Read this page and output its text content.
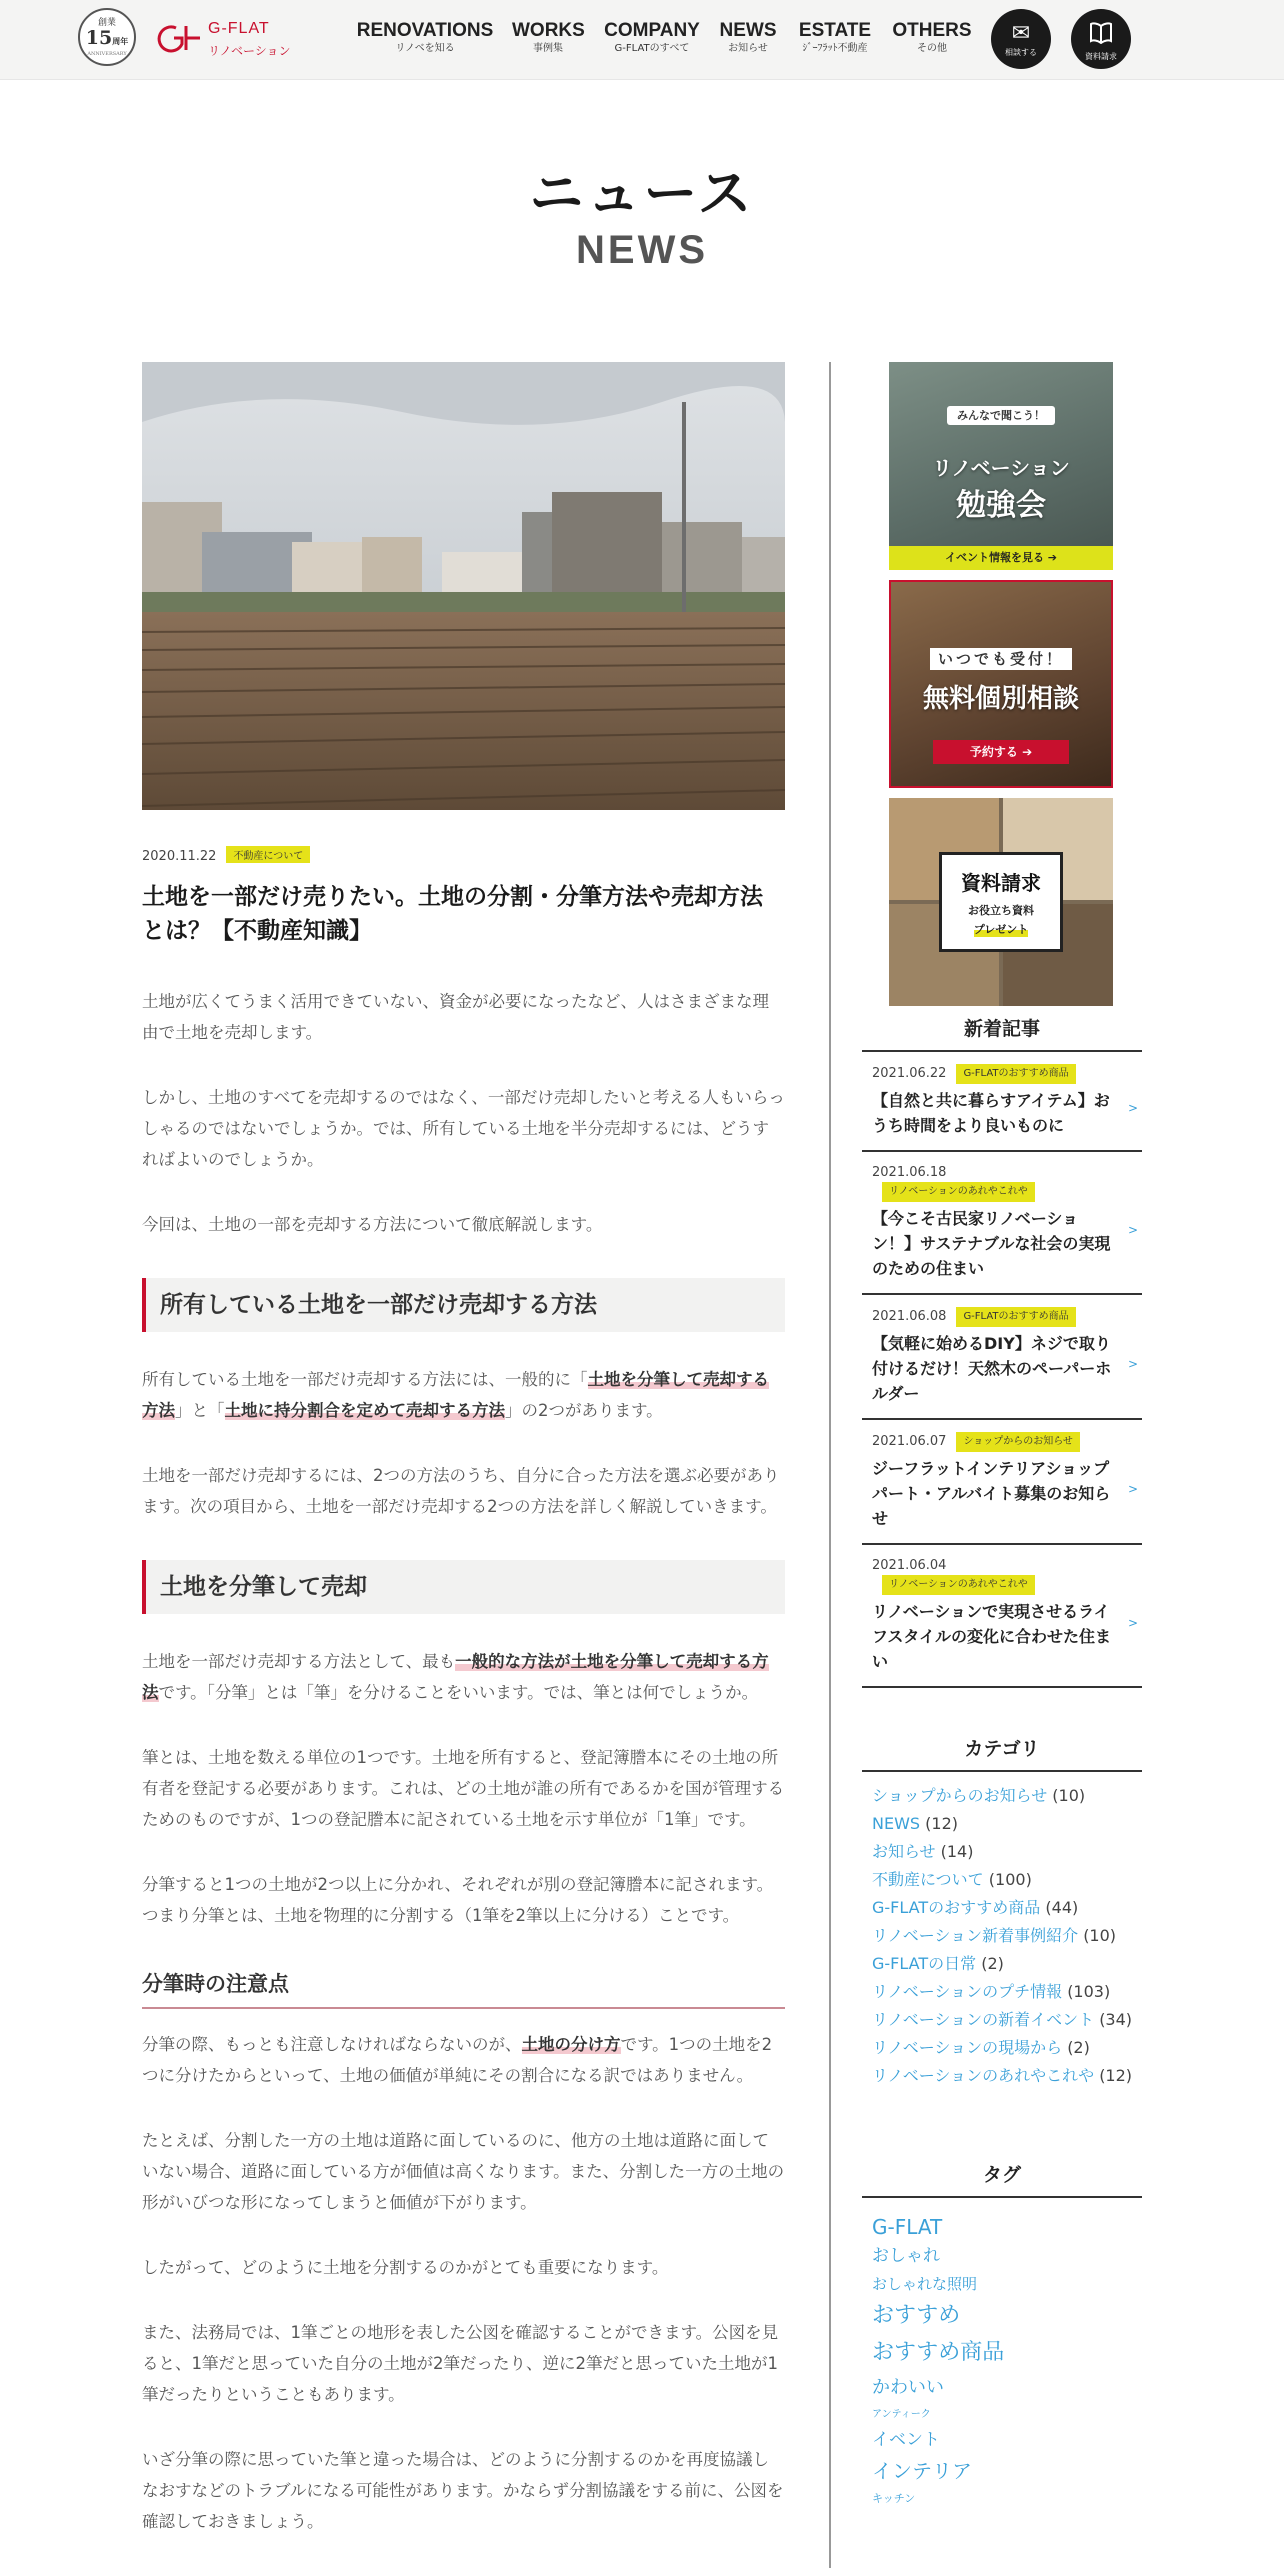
創業
15周年
ANNIVERSARY
G-FLAT
リノベーション
RENOVATIONS
リノベを知る
WORKS
事例集
COMPANY
G-FLATのすべて
NEWS
お知らせ
ESTATE
ｼﾞｰﾌﾗｯﾄ不動産
OTHERS
その他
✉
相談する	資料請求
ニュース
NEWS
2020.11.22 不動産について
土地を一部だけ売りたい。土地の分割・分筆方法や売却方法とは？【不動産知識】

土地が広くてうまく活用できていない、資金が必要になったなど、人はさまざまな理由で土地を売却します。

しかし、土地のすべてを売却するのではなく、一部だけ売却したいと考える人もいらっしゃるのではないでしょうか。では、所有している土地を半分売却するには、どうすればよいのでしょうか。

今回は、土地の一部を売却する方法について徹底解説します。

所有している土地を一部だけ売却する方法

所有している土地を一部だけ売却する方法には、一般的に「土地を分筆して売却する方法」と「土地に持分割合を定めて売却する方法」の2つがあります。

土地を一部だけ売却するには、2つの方法のうち、自分に合った方法を選ぶ必要があります。次の項目から、土地を一部だけ売却する2つの方法を詳しく解説していきます。

土地を分筆して売却

土地を一部だけ売却する方法として、最も一般的な方法が土地を分筆して売却する方法です。「分筆」とは「筆」を分けることをいいます。では、筆とは何でしょうか。

筆とは、土地を数える単位の1つです。土地を所有すると、登記簿謄本にその土地の所有者を登記する必要があります。これは、どの土地が誰の所有であるかを国が管理するためのものですが、1つの登記謄本に記されている土地を示す単位が「1筆」です。

分筆すると1つの土地が2つ以上に分かれ、それぞれが別の登記簿謄本に記されます。つまり分筆とは、土地を物理的に分割する（1筆を2筆以上に分ける）ことです。

分筆時の注意点

分筆の際、もっとも注意しなければならないのが、土地の分け方です。1つの土地を2つに分けたからといって、土地の価値が単純にその割合になる訳ではありません。

たとえば、分割した一方の土地は道路に面しているのに、他方の土地は道路に面していない場合、道路に面している方が価値は高くなります。また、分割した一方の土地の形がいびつな形になってしまうと価値が下がります。

したがって、どのように土地を分割するのかがとても重要になります。

また、法務局では、1筆ごとの地形を表した公図を確認することができます。公図を見ると、1筆だと思っていた自分の土地が2筆だったり、逆に2筆だと思っていた土地が1筆だったりということもあります。

いざ分筆の際に思っていた筆と違った場合は、どのように分割するのかを再度協議しなおすなどのトラブルになる可能性があります。かならず分割協議をする前に、公図を確認しておきましょう。

みんなで聞こう！
リノベーション
勉強会
イベント情報を見る ➔
いつでも受付！
無料個別相談
予約する ➔
資料請求
お役立ち資料
プレゼント
新着記事
2021.06.22 G-FLATのおすすめ商品
【自然と共に暮らすアイテム】おうち時間をより良いものに
>
2021.06.18
リノベーションのあれやこれや
【今こそ古民家リノベーション！】サステナブルな社会の実現のための住まい
>
2021.06.08 G-FLATのおすすめ商品
【気軽に始めるDIY】ネジで取り付けるだけ！天然木のペーパーホルダー
>
2021.06.07 ショップからのお知らせ
ジーフラットインテリアショップ パート・アルバイト募集のお知らせ
>
2021.06.04
リノベーションのあれやこれや
リノベーションで実現させるライフスタイルの変化に合わせた住まい
>
カテゴリ
ショップからのお知らせ (10)
NEWS (12)
お知らせ (14)
不動産について (100)
G-FLATのおすすめ商品 (44)
リノベーション新着事例紹介 (10)
G-FLATの日常 (2)
リノベーションのプチ情報 (103)
リノベーションの新着イベント (34)
リノベーションの現場から (2)
リノベーションのあれやこれや (12)
タグ
G-FLAT
おしゃれ
おしゃれな照明
おすすめ
おすすめ商品
かわいい
アンティーク
イベント
インテリア
キッチン
